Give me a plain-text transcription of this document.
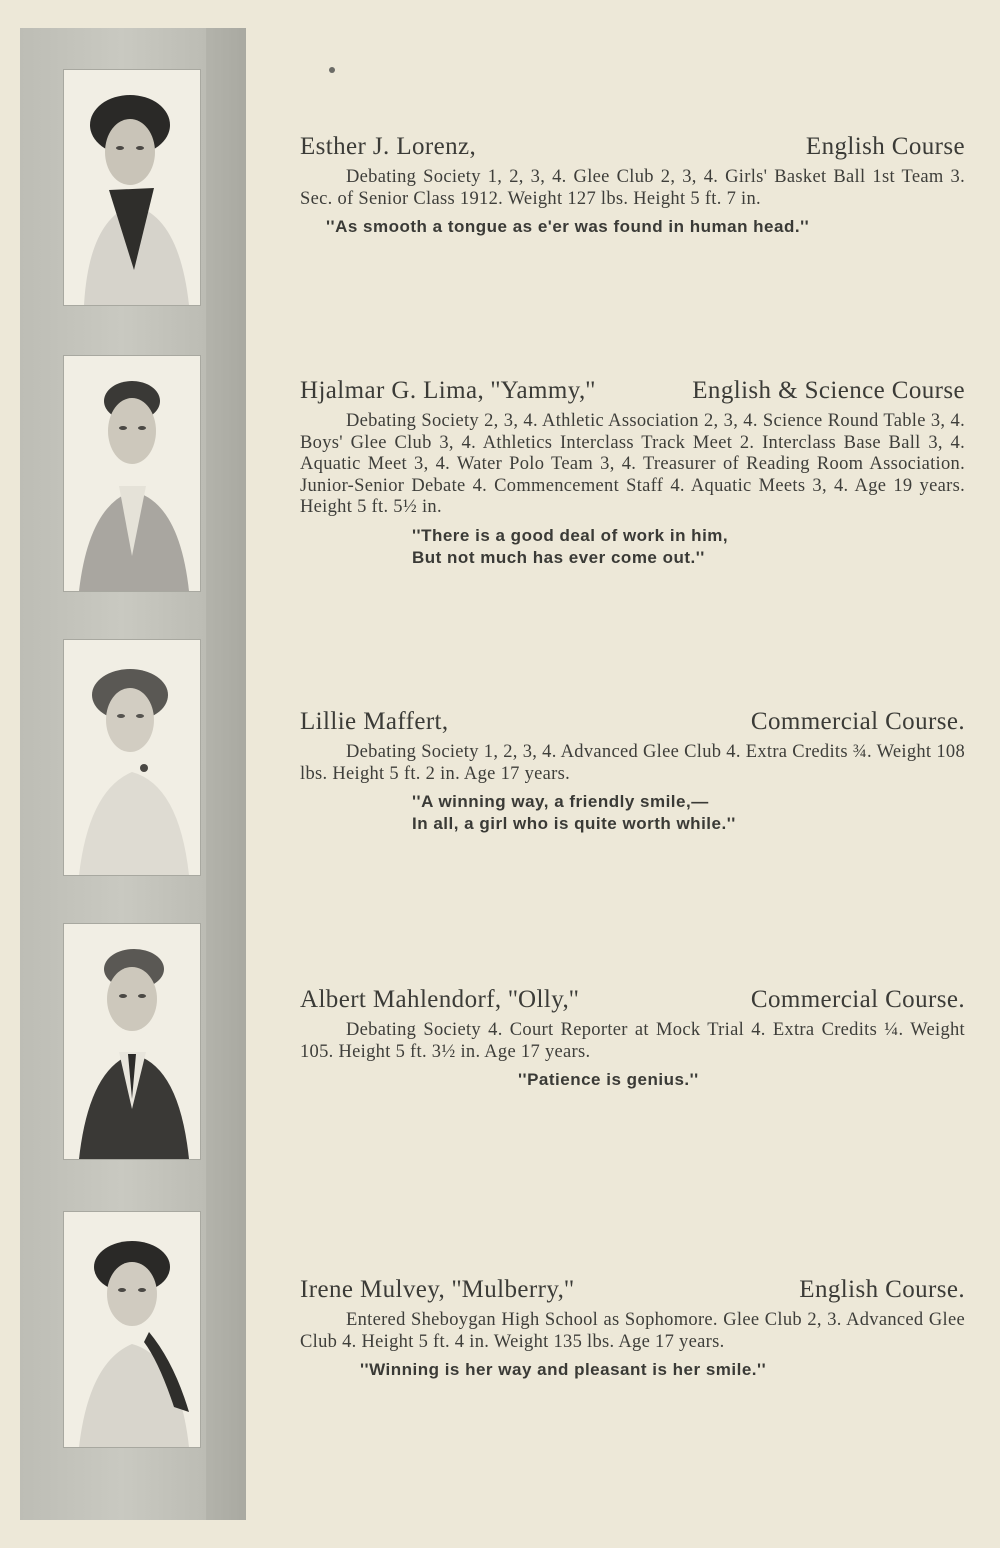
Esther J. Lorenz,	English Course
Debating Society 1, 2, 3, 4. Glee Club 2, 3, 4. Girls' Basket Ball 1st Team 3. Sec. of Senior Class 1912. Weight 127 lbs. Height 5 ft. 7 in.
''As smooth a tongue as e'er was found in human head.''
Hjalmar G. Lima, ''Yammy,''	English & Science Course
Debating Society 2, 3, 4. Athletic Association 2, 3, 4. Science Round Table 3, 4. Boys' Glee Club 3, 4. Athletics Interclass Track Meet 2. Interclass Base Ball 3, 4. Aquatic Meet 3, 4. Water Polo Team 3, 4. Treasurer of Reading Room Association. Junior-Senior Debate 4. Commencement Staff 4. Aquatic Meets 3, 4. Age 19 years. Height 5 ft. 5½ in.
''There is a good deal of work in him,
But not much has ever come out.''
Lillie Maffert,	Commercial Course.
Debating Society 1, 2, 3, 4. Advanced Glee Club 4. Extra Credits ¾. Weight 108 lbs. Height 5 ft. 2 in. Age 17 years.
''A winning way, a friendly smile,—
In all, a girl who is quite worth while.''
Albert Mahlendorf, ''Olly,''	Commercial Course.
Debating Society 4. Court Reporter at Mock Trial 4. Extra Credits ¼. Weight 105. Height 5 ft. 3½ in. Age 17 years.
''Patience is genius.''
Irene Mulvey, ''Mulberry,''	English Course.
Entered Sheboygan High School as Sophomore. Glee Club 2, 3. Advanced Glee Club 4. Height 5 ft. 4 in. Weight 135 lbs. Age 17 years.
''Winning is her way and pleasant is her smile.''
